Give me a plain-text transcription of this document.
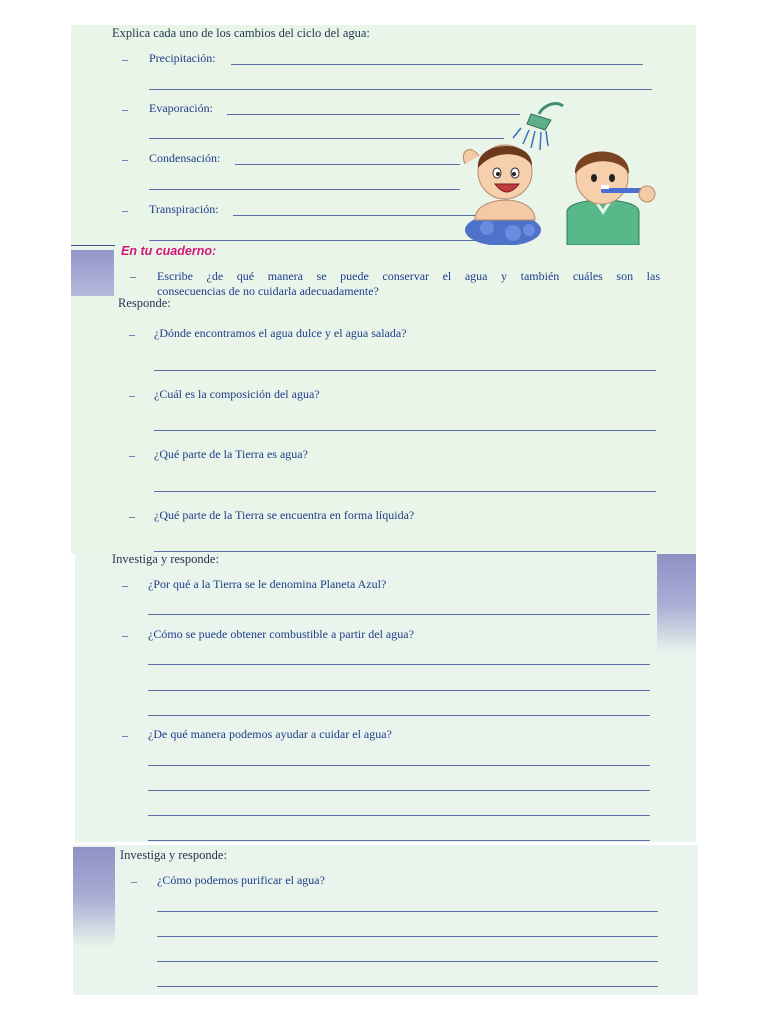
Explica cada uno de los cambios del ciclo del agua:
– Precipitación:
– Evaporación:
– Condensación:
– Transpiración:
En tu cuaderno:
– Escribe ¿de qué manera se puede conservar el agua y también cuáles son las
consecuencias de no cuidarla adecuadamente?
Responde:
– ¿Dónde encontramos el agua dulce y el agua salada?
– ¿Cuál es la composición del agua?
– ¿Qué parte de la Tierra es agua?
– ¿Qué parte de la Tierra se encuentra en forma líquida?
Investiga y responde:
– ¿Por qué a la Tierra se le denomina Planeta Azul?
– ¿Cómo se puede obtener combustible a partir del agua?
– ¿De qué manera podemos ayudar a cuidar el agua?
Investiga y responde:
– ¿Cómo podemos purificar el agua?
